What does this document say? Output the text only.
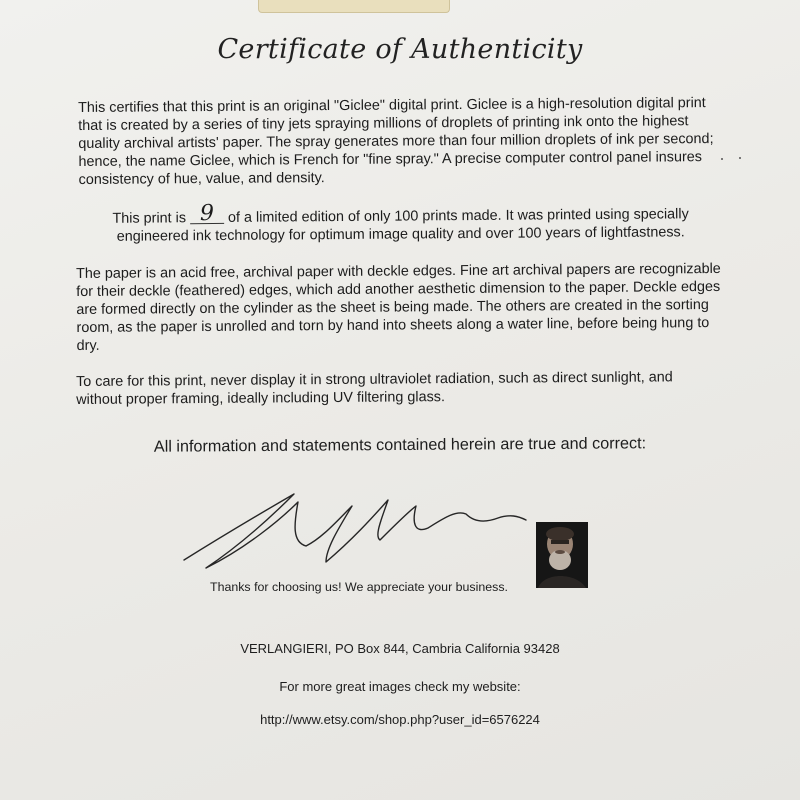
Certificate of Authenticity

This certifies that this print is an original "Giclee" digital print. Giclee is a high-resolution digital print that is created by a series of tiny jets spraying millions of droplets of printing ink onto the highest quality archival artists' paper. The spray generates more than four million droplets of ink per second; hence, the name Giclee, which is French for "fine spray." A precise computer control panel insures consistency of hue, value, and density.

This print is 9 of a limited edition of only 100 prints made. It was printed using specially engineered ink technology for optimum image quality and over 100 years of lightfastness.

The paper is an acid free, archival paper with deckle edges. Fine art archival papers are recognizable for their deckle (feathered) edges, which add another aesthetic dimension to the paper. Deckle edges are formed directly on the cylinder as the sheet is being made. The others are created in the sorting room, as the paper is unrolled and torn by hand into sheets along a water line, before being hung to dry.

To care for this print, never display it in strong ultraviolet radiation, such as direct sunlight, and without proper framing, ideally including UV filtering glass.

All information and statements contained herein are true and correct:
Thanks for choosing us! We appreciate your business.
VERLANGIERI, PO Box 844, Cambria California 93428
For more great images check my website:
http://www.etsy.com/shop.php?user_id=6576224
